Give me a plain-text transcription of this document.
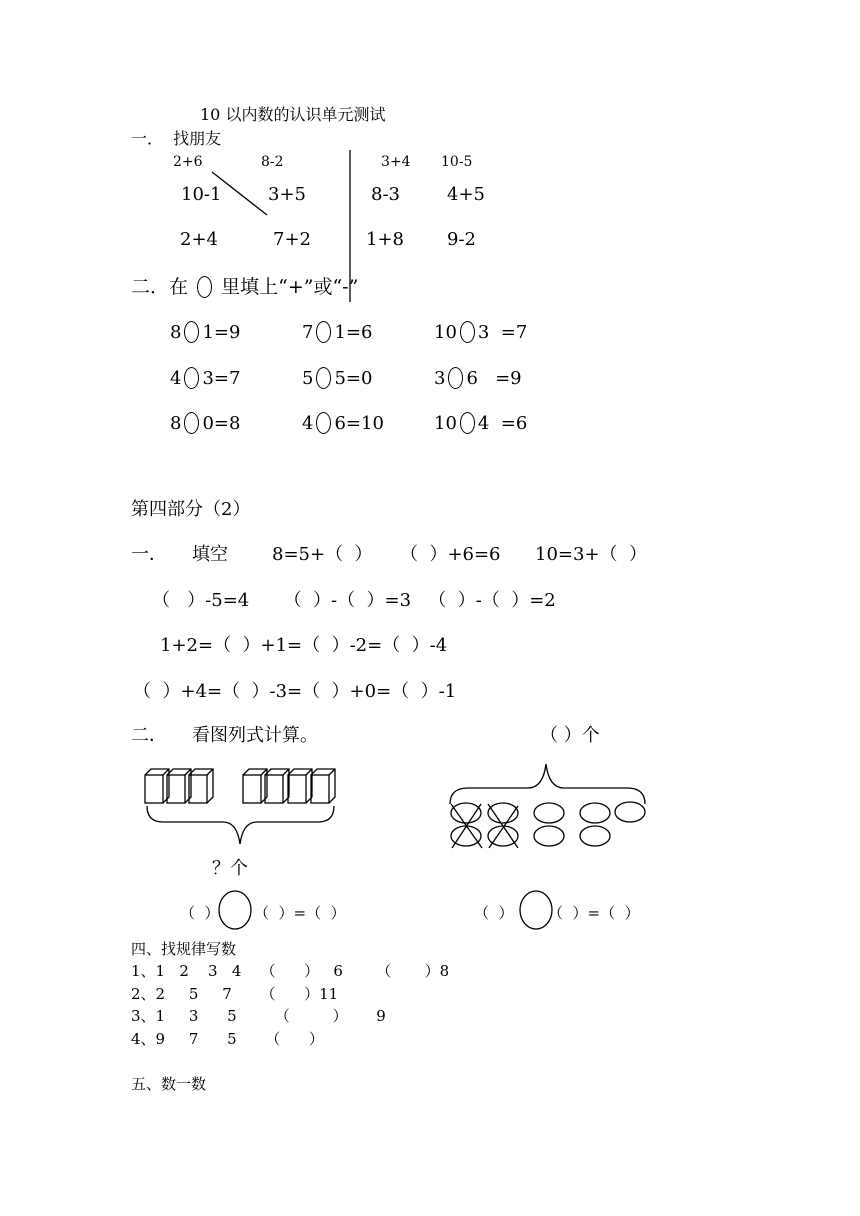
10 以内数的认识单元测试
一．  找朋友
2+6	8-2	3+4 10-5
10-1	3+5	8-3	4+5
2+4	7+2	1+8 9-2
二．在 里填上“+”或“-”
8 1=9	7 1=6	10 3  =7
4 3=7	5 5=0	3 6   =9
8 0=8	4 6=10	10 4  =6
第四部分（2）
一． 填空 8=5+（  ） （  ）+6=6 10=3+（  ）
（   ）-5=4      （  ）-（  ）=3   （  ）-（  ）=2
1+2=（  ）+1=（  ）-2=（  ）-4
（  ）+4=（  ）-3=（  ）+0=（  ）-1
二． 看图列式计算。	（ ）个
？个
（  ） （  ）=（  ）	（  ） （  ）=（  ）
四、找规律写数
1、1   2    3   4    （      ）   6       （       ）8
2、2     5     7      （      ）11
3、1     3      5        （         ）      9
4、9     7      5      （      ）
五、数一数
